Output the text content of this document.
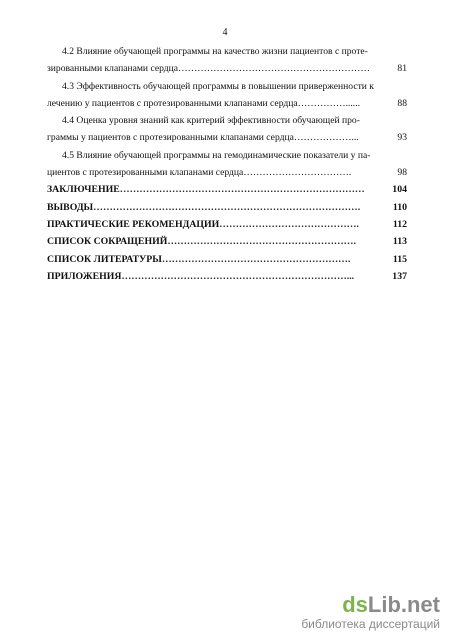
4
4.2 Влияние обучающей программы на качество жизни пациентов с проте-
зированными клапанами сердца……………………………………………………	81
4.3 Эффективность обучающей программы в повышении приверженности к
лечению у пациентов с протезированными клапанами сердца……………......	88
4.4 Оценка уровня знаний как критерий эффективности обучающей про-
граммы у пациентов с протезированными клапанами сердца………………...	93
4.5 Влияние обучающей программы на гемодинамические показатели у па-
циентов с протезированными клапанами сердца…………………………….	98
ЗАКЛЮЧЕНИЕ…………………………………………………………………	104
ВЫВОДЫ……………………………………………………………………….	110
ПРАКТИЧЕСКИЕ РЕКОМЕНДАЦИИ…………………………………….	112
СПИСОК СОКРАЩЕНИЙ………………………………………………….	113
СПИСОК ЛИТЕРАТУРЫ………………………………………………….	115
ПРИЛОЖЕНИЯ……………………………………………………………...	137
dsLib.net
библиотека диссертаций
